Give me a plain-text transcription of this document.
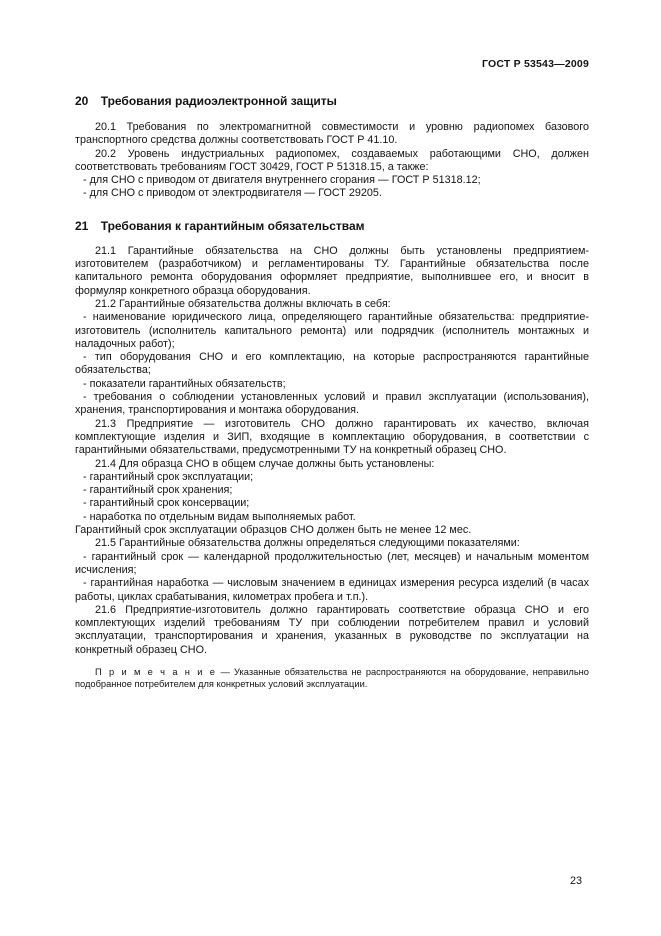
ГОСТ Р 53543—2009
20 Требования радиоэлектронной защиты

20.1 Требования по электромагнитной совместимости и уровню радиопомех базового транспортного средства должны соответствовать ГОСТ Р 41.10.

20.2 Уровень индустриальных радиопомех, создаваемых работающими СНО, должен соответствовать требованиям ГОСТ 30429, ГОСТ Р 51318.15, а также:

- для СНО с приводом от двигателя внутреннего сгорания — ГОСТ Р 51318.12;

- для СНО с приводом от электродвигателя — ГОСТ 29205.

21 Требования к гарантийным обязательствам

21.1 Гарантийные обязательства на СНО должны быть установлены предприятием-изготовителем (разработчиком) и регламентированы ТУ. Гарантийные обязательства после капитального ремонта оборудования оформляет предприятие, выполнившее его, и вносит в формуляр конкретного образца оборудования.

21.2 Гарантийные обязательства должны включать в себя:

- наименование юридического лица, определяющего гарантийные обязательства: предприятие-изготовитель (исполнитель капитального ремонта) или подрядчик (исполнитель монтажных и наладочных работ);

- тип оборудования СНО и его комплектацию, на которые распространяются гарантийные обязательства;

- показатели гарантийных обязательств;

- требования о соблюдении установленных условий и правил эксплуатации (использования), хранения, транспортирования и монтажа оборудования.

21.3 Предприятие — изготовитель СНО должно гарантировать их качество, включая комплектующие изделия и ЗИП, входящие в комплектацию оборудования, в соответствии с гарантийными обязательствами, предусмотренными ТУ на конкретный образец СНО.

21.4 Для образца СНО в общем случае должны быть установлены:

- гарантийный срок эксплуатации;

- гарантийный срок хранения;

- гарантийный срок консервации;

- наработка по отдельным видам выполняемых работ.

Гарантийный срок эксплуатации образцов СНО должен быть не менее 12 мес.

21.5 Гарантийные обязательства должны определяться следующими показателями:

- гарантийный срок — календарной продолжительностью (лет, месяцев) и начальным моментом исчисления;

- гарантийная наработка — числовым значением в единицах измерения ресурса изделий (в часах работы, циклах срабатывания, километрах пробега и т.п.).

21.6 Предприятие-изготовитель должно гарантировать соответствие образца СНО и его комплектующих изделий требованиям ТУ при соблюдении потребителем правил и условий эксплуатации, транспортирования и хранения, указанных в руководстве по эксплуатации на конкретный образец СНО.

П р и м е ч а н и е — Указанные обязательства не распространяются на оборудование, неправильно подобранное потребителем для конкретных условий эксплуатации.

23
